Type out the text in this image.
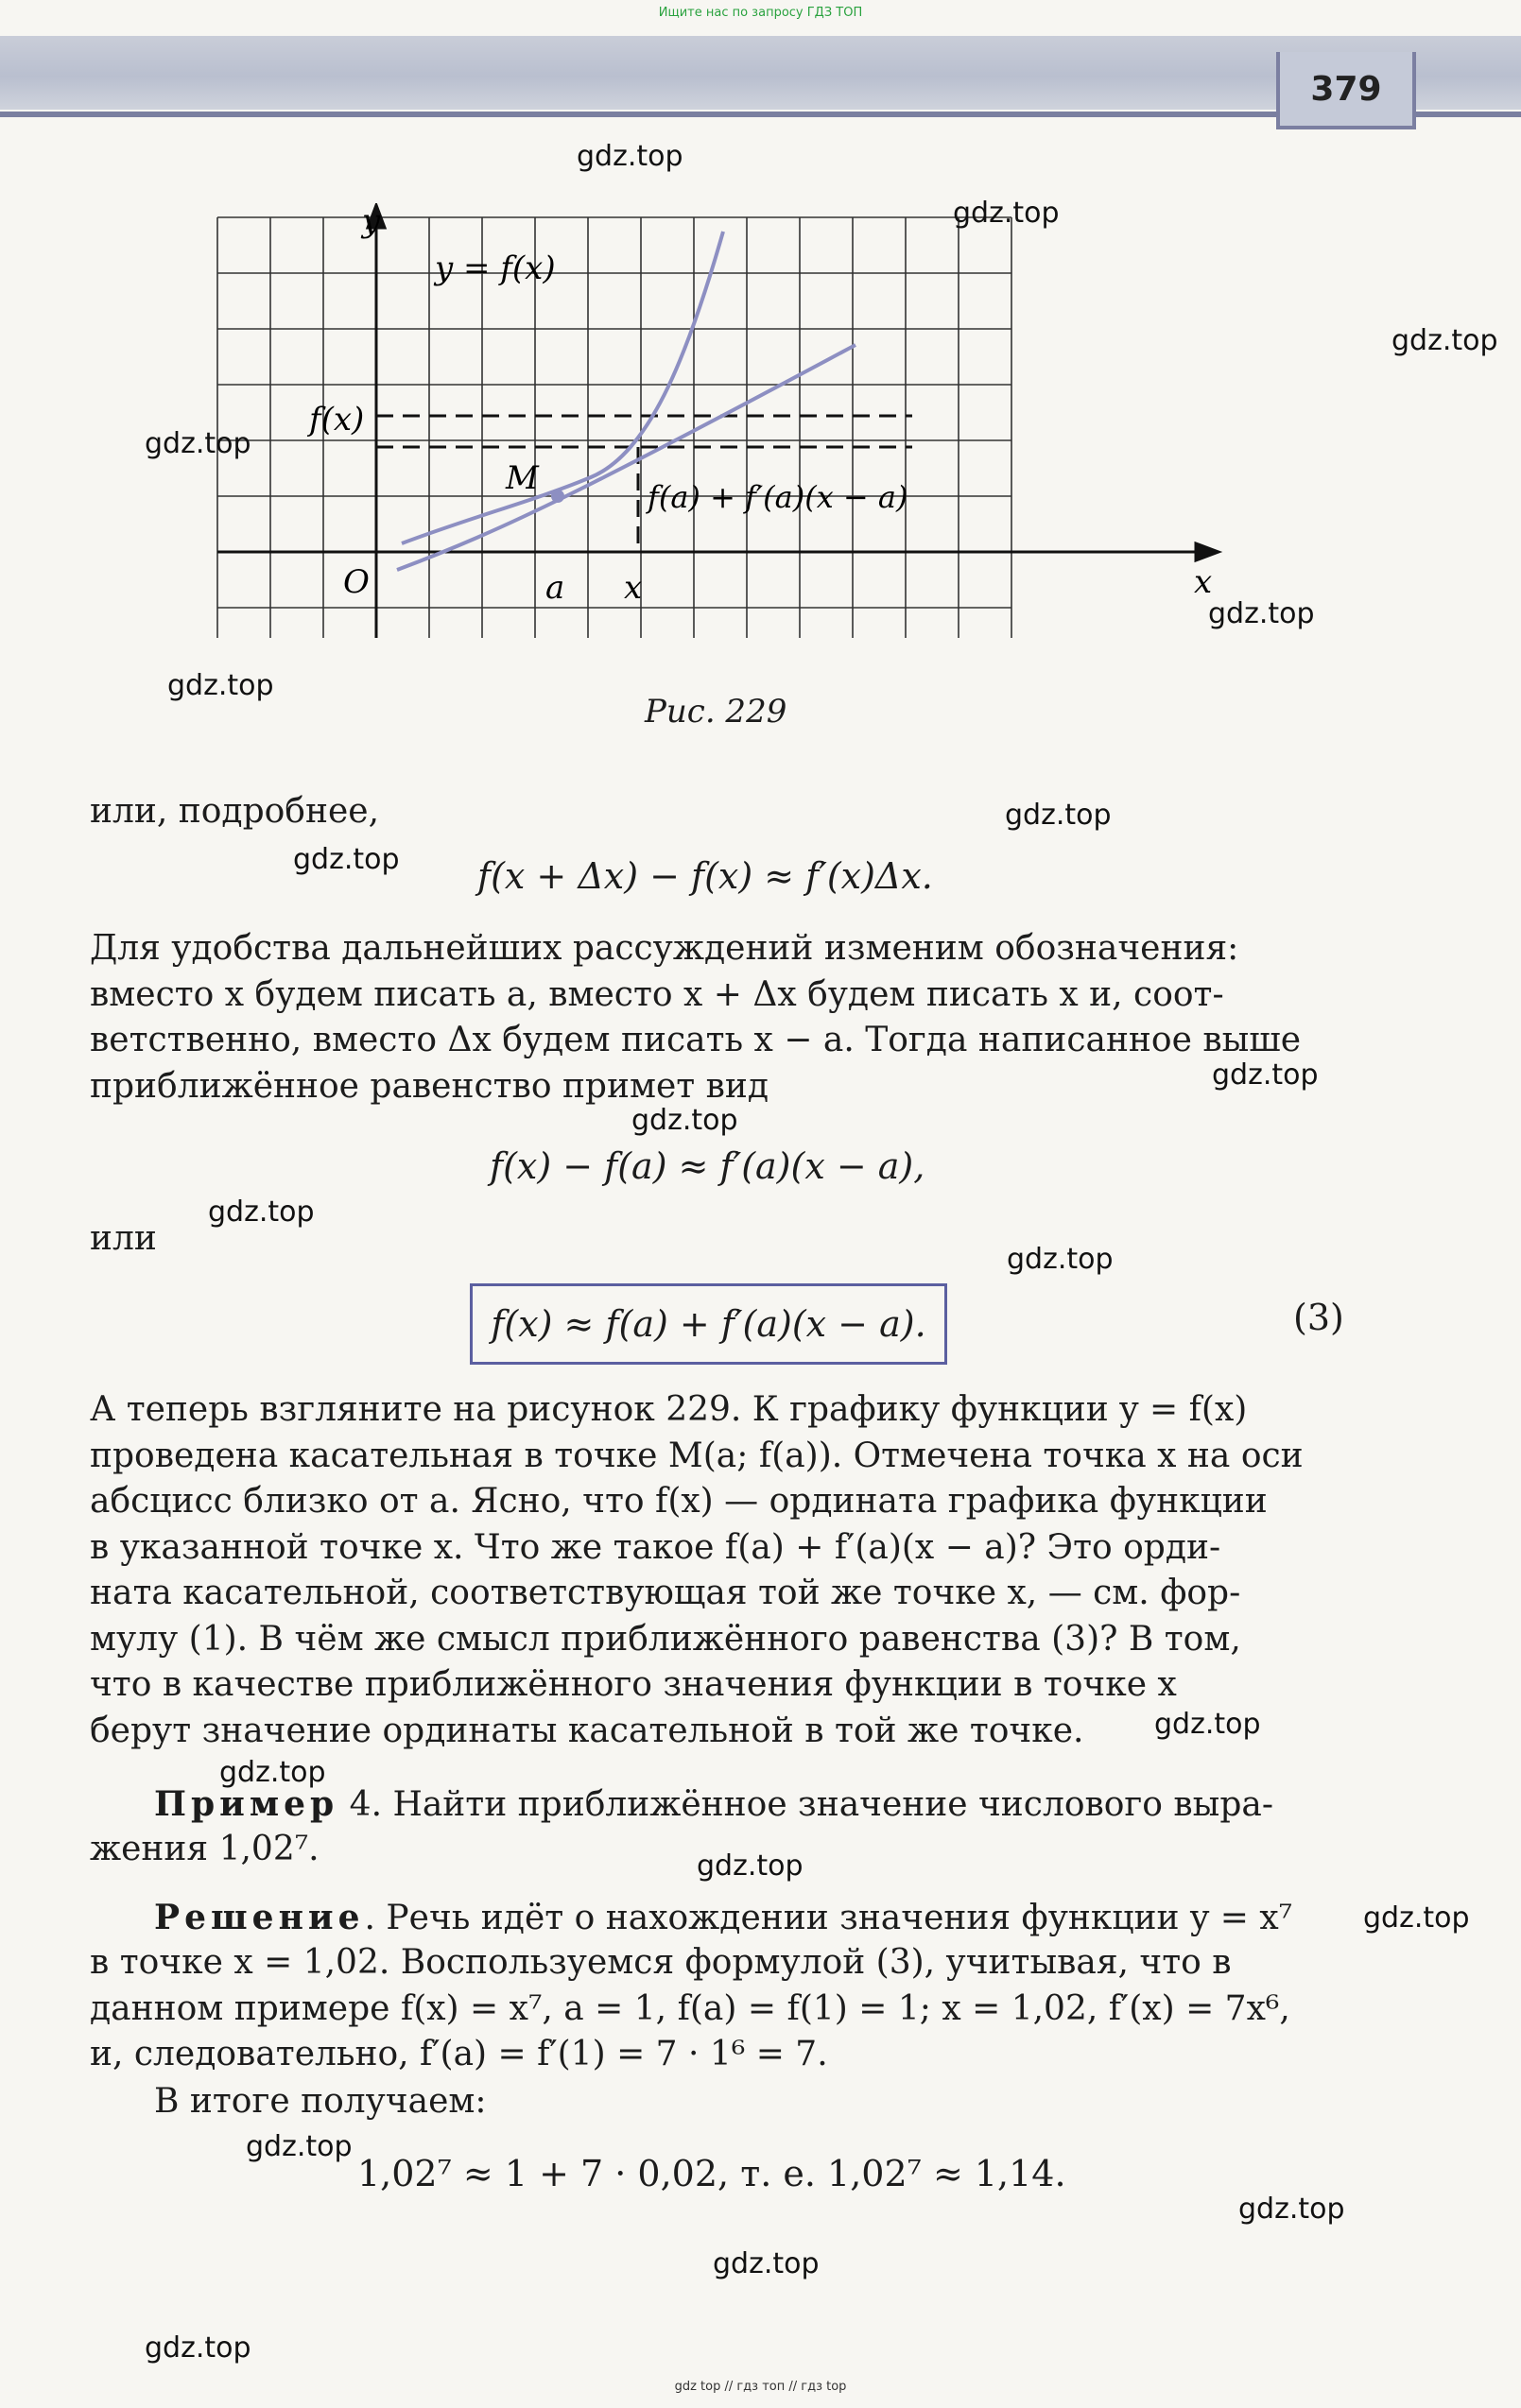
Ищите нас по запросу ГДЗ ТОП
379
y
y = f(x)
f(x)
M	f(a) + f′(a)(x − a)
O	a x	x
Рис. 229
или, подробнее,
f(x + Δx) − f(x) ≈ f′(x)Δx.
Для удобства дальнейших рассуждений изменим обозначения:
вместо x будем писать a, вместо x + Δx будем писать x и, соот-
ветственно, вместо Δx будем писать x − a. Тогда написанное выше
приближённое равенство примет вид
f(x) − f(a) ≈ f′(a)(x − a),
или
f(x) ≈ f(a) + f′(a)(x − a).	(3)
А теперь взгляните на рисунок 229. К графику функции y = f(x)
проведена касательная в точке M(a; f(a)). Отмечена точка x на оси
абсцисс близко от a. Ясно, что f(x) — ордината графика функции
в указанной точке x. Что же такое f(a) + f′(a)(x − a)? Это орди-
ната касательной, соответствующая той же точке x, — см. фор-
мулу (1). В чём же смысл приближённого равенства (3)? В том,
что в качестве приближённого значения функции в точке x
берут значение ординаты касательной в той же точке.
Пример 4. Найти приближённое значение числового выра-
жения 1,02⁷.
Решение. Речь идёт о нахождении значения функции y = x⁷
в точке x = 1,02. Воспользуемся формулой (3), учитывая, что в
данном примере f(x) = x⁷, a = 1, f(a) = f(1) = 1; x = 1,02, f′(x) = 7x⁶,
и, следовательно, f′(a) = f′(1) = 7 · 1⁶ = 7.
В итоге получаем:
1,02⁷ ≈ 1 + 7 · 0,02, т. е. 1,02⁷ ≈ 1,14.
gdz.top
gdz.top
gdz.top
gdz.top
gdz.top
gdz.top
gdz.top
gdz.top
gdz.top
gdz.top
gdz.top
gdz.top
gdz.top
gdz.top
gdz.top
gdz.top
gdz.top
gdz.top
gdz.top
gdz.top
gdz top // гдз топ // гдз top
